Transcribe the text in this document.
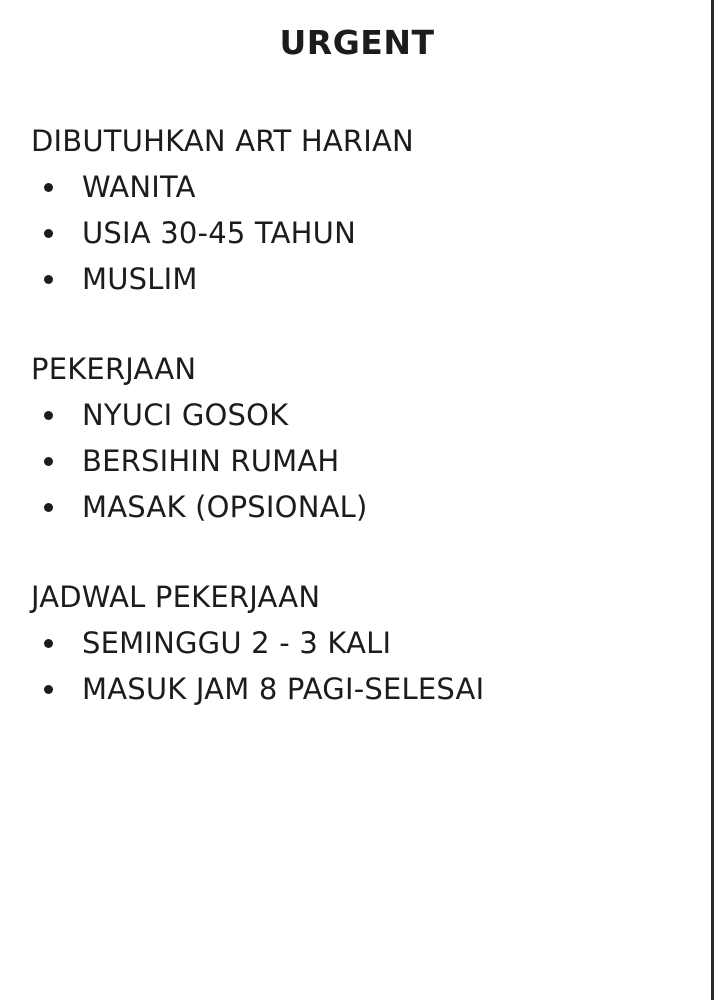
URGENT
DIBUTUHKAN ART HARIAN
WANITA
USIA 30-45 TAHUN
MUSLIM
PEKERJAAN
NYUCI GOSOK
BERSIHIN RUMAH
MASAK (OPSIONAL)
JADWAL PEKERJAAN
SEMINGGU 2 - 3 KALI
MASUK JAM 8 PAGI-SELESAI
